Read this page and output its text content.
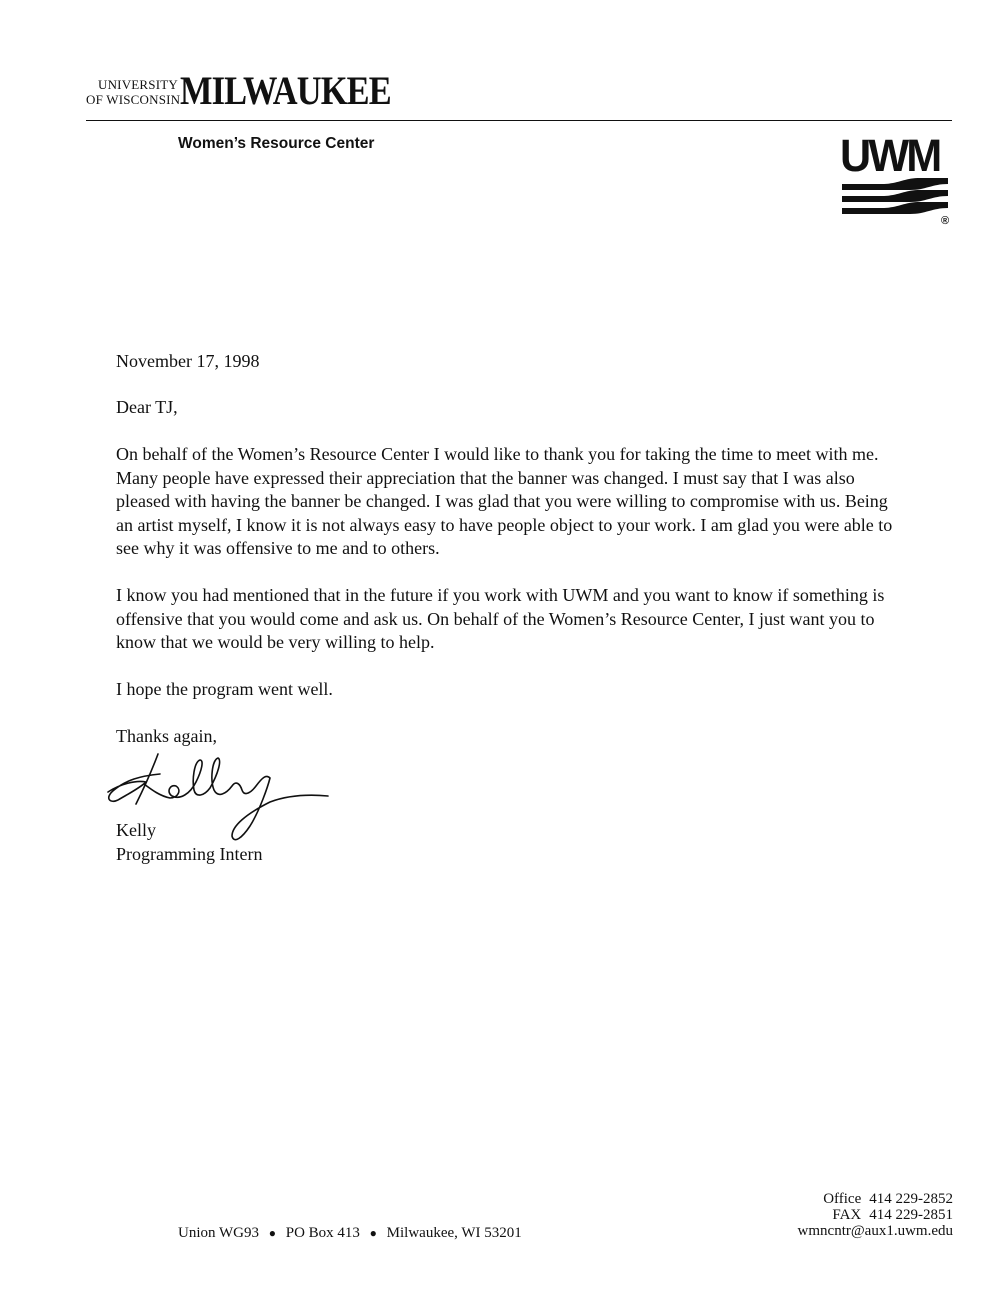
UNIVERSITY
OF WISCONSIN MILWAUKEE
Women’s Resource Center	UWM
®
November 17, 1998
Dear TJ,
On behalf of the Women’s Resource Center I would like to thank you for taking the time to meet with me. Many people have expressed their appreciation that the banner was changed. I must say that I was also pleased with having the banner be changed. I was glad that you were willing to compromise with us. Being an artist myself, I know it is not always easy to have people object to your work. I am glad you were able to see why it was offensive to me and to others.
I know you had mentioned that in the future if you work with UWM and you want to know if something is offensive that you would come and ask us. On behalf of the Women’s Resource Center, I just want you to know that we would be very willing to help.
I hope the program went well.
Thanks again,
Kelly
Programming Intern
Union WG93 ● PO Box 413 ● Milwaukee, WI 53201
Office 414 229-2852
FAX 414 229-2851
wmncntr@aux1.uwm.edu
